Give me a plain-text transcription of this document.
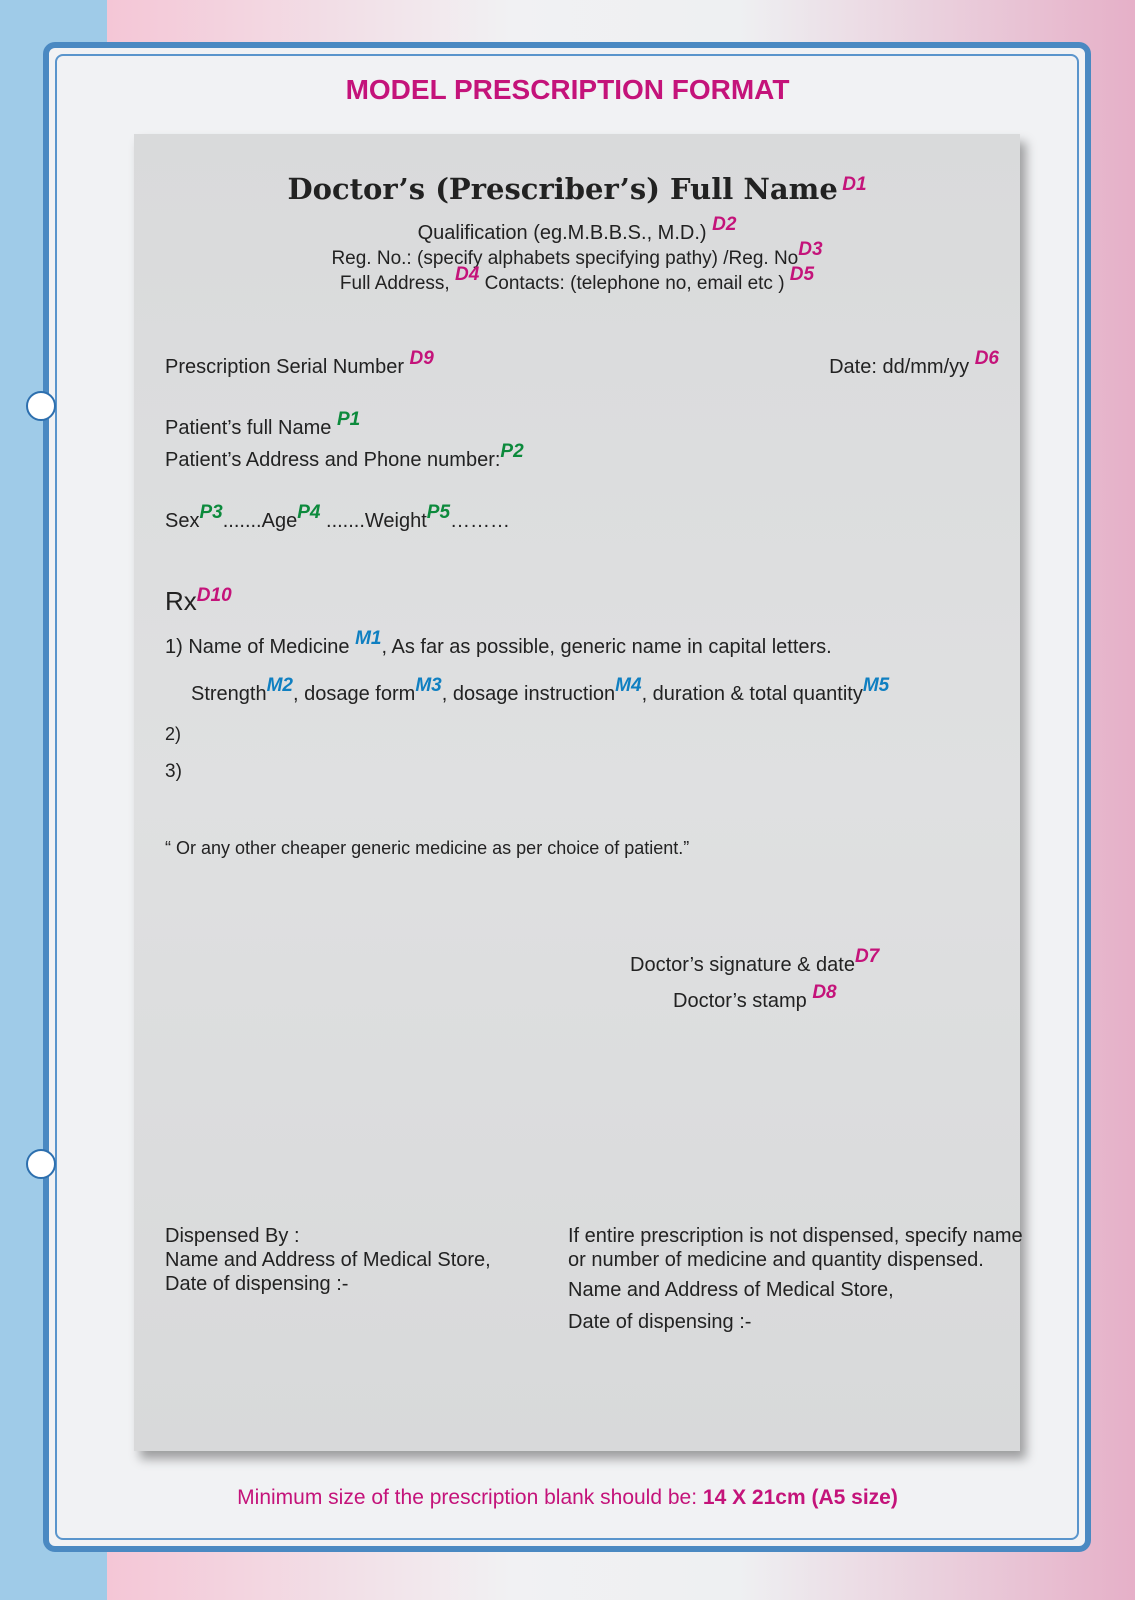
MODEL PRESCRIPTION FORMAT
Doctor’s (Prescriber’s) Full Name D1
Qualification (eg.M.B.B.S., M.D.) D2
Reg. No.: (specify alphabets specifying pathy) /Reg. NoD3
Full Address, D4 Contacts: (telephone no, email etc ) D5
Prescription Serial Number D9	Date: dd/mm/yy D6
Patient’s full Name P1
Patient’s Address and Phone number:P2
SexP3.......AgeP4 .......WeightP5………
$Rx^{D10}$
1) Name of Medicine M1, As far as possible, generic name in capital letters.
StrengthM2, dosage formM3, dosage instructionM4, duration & total quantityM5
2)
3)
“ Or any other cheaper generic medicine as per choice of patient.”
Doctor’s signature & dateD7
Doctor’s stamp D8
Dispensed By :
Name and Address of Medical Store,
Date of dispensing :-
If entire prescription is not dispensed, specify name
or number of medicine and quantity dispensed.
Name and Address of Medical Store,
Date of dispensing :-
Minimum size of the prescription blank should be: 14 X 21cm (A5 size)
